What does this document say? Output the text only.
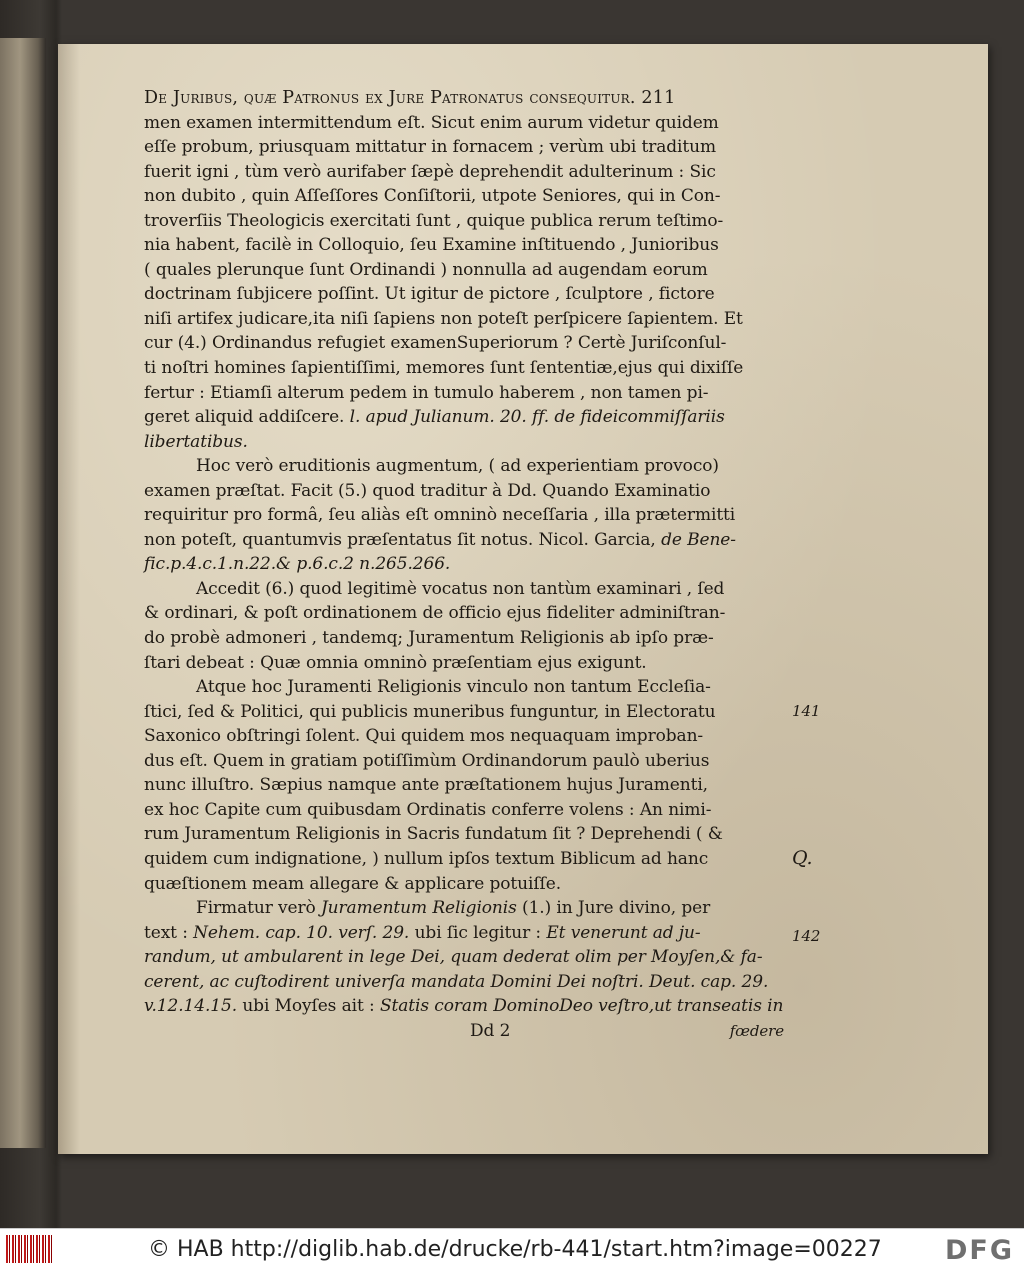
De Juribus, quæ Patronus ex Jure Patronatus consequitur. 211
men examen intermittendum eſt. Sicut enim aurum videtur quidem
eſſe probum, priusquam mittatur in fornacem ; verùm ubi traditum
fuerit igni , tùm verò aurifaber ſæpè deprehendit adulterinum : Sic
non dubito , quin Aſſeſſores Conſiſtorii, utpote Seniores, qui in Con-
troverſiis Theologicis exercitati ſunt , quique publica rerum teſtimo-
nia habent, facilè in Colloquio, ſeu Examine inſtituendo , Junioribus
( quales plerunque ſunt Ordinandi ) nonnulla ad augendam eorum
doctrinam ſubjicere poſſint. Ut igitur de pictore , ſculptore , fictore
niſi artifex judicare,ita niſi ſapiens non poteſt perſpicere ſapientem. Et
cur (4.) Ordinandus refugiet examenSuperiorum ? Certè Juriſconſul-
ti noſtri homines ſapientiſſimi, memores ſunt ſententiæ,ejus qui dixiſſe
fertur : Etiamſi alterum pedem in tumulo haberem , non tamen pi-
geret aliquid addiſcere. l. apud Julianum. 20. ff. de fideicommiſſariis
libertatibus.
Hoc verò eruditionis augmentum, ( ad experientiam provoco)
examen præſtat. Facit (5.) quod traditur à Dd. Quando Examinatio
requiritur pro formâ, ſeu aliàs eſt omninò neceſſaria , illa prætermitti
non poteſt, quantumvis præſentatus ſit notus. Nicol. Garcia, de Bene-
fic.p.4.c.1.n.22.& p.6.c.2 n.265.266.
Accedit (6.) quod legitimè vocatus non tantùm examinari , ſed
& ordinari, & poſt ordinationem de officio ejus fideliter adminiſtran-
do probè admoneri , tandemq; Juramentum Religionis ab ipſo præ-
ſtari debeat : Quæ omnia omninò præſentiam ejus exigunt.
Atque hoc Juramenti Religionis vinculo non tantum Eccleſia-
ſtici, ſed & Politici, qui publicis muneribus funguntur, in Electoratu
Saxonico obſtringi ſolent. Qui quidem mos nequaquam improban-
dus eſt. Quem in gratiam potiſſimùm Ordinandorum paulò uberius
nunc illuſtro. Sæpius namque ante præſtationem hujus Juramenti,
ex hoc Capite cum quibusdam Ordinatis conferre volens : An nimi-
rum Juramentum Religionis in Sacris fundatum ſit ? Deprehendi ( &
quidem cum indignatione, ) nullum ipſos textum Biblicum ad hanc
quæſtionem meam allegare & applicare potuiſſe.
Firmatur verò Juramentum Religionis (1.) in Jure divino, per
text : Nehem. cap. 10. verſ. 29. ubi ſic legitur : Et venerunt ad ju-
randum, ut ambularent in lege Dei, quam dederat olim per Moyſen,& fa-
cerent, ac cuſtodirent univerſa mandata Domini Dei noſtri. Deut. cap. 29.
v.12.14.15. ubi Moyſes ait : Statis coram DominoDeo veſtro,ut transeatis in
Dd 2	fœdere
141
Q.
142
© HAB http://diglib.hab.de/drucke/rb-441/start.htm?image=00227 DFG
